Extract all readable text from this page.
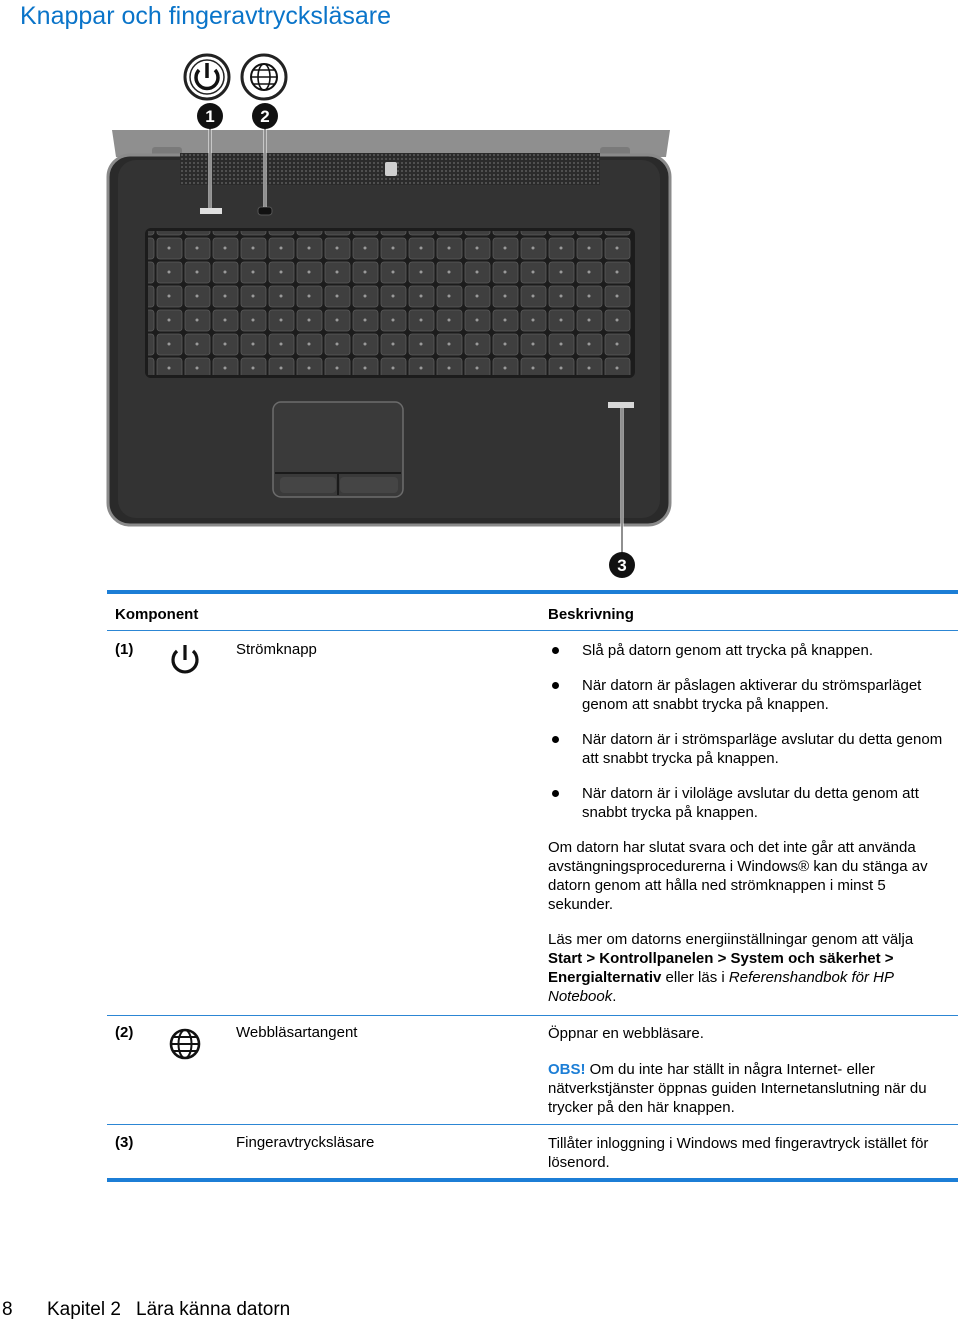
Knappar och fingeravtrycksläsare
1	2
3
Komponent	Beskrivning
(1)	Strömknapp	Slå på datorn genom att trycka på knappen.
När datorn är påslagen aktiverar du strömsparläget genom att snabbt trycka på knappen.
När datorn är i strömsparläge avslutar du detta genom att snabbt trycka på knappen.
När datorn är i viloläge avslutar du detta genom att snabbt trycka på knappen.

Om datorn har slutat svara och det inte går att använda avstängningsprocedurerna i Windows® kan du stänga av datorn genom att hålla ned strömknappen i minst 5 sekunder.

Läs mer om datorns energiinställningar genom att välja Start > Kontrollpanelen > System och säkerhet > Energialternativ eller läs i Referenshandbok för HP Notebook.

(2)	Webbläsartangent	Öppnar en webbläsare.

OBS! Om du inte har ställt in några Internet- eller nätverkstjänster öppnas guiden Internetanslutning när du trycker på den här knappen.

(3)	Fingeravtrycksläsare	Tillåter inloggning i Windows med fingeravtryck istället för lösenord.

8 Kapitel 2 Lära känna datorn
